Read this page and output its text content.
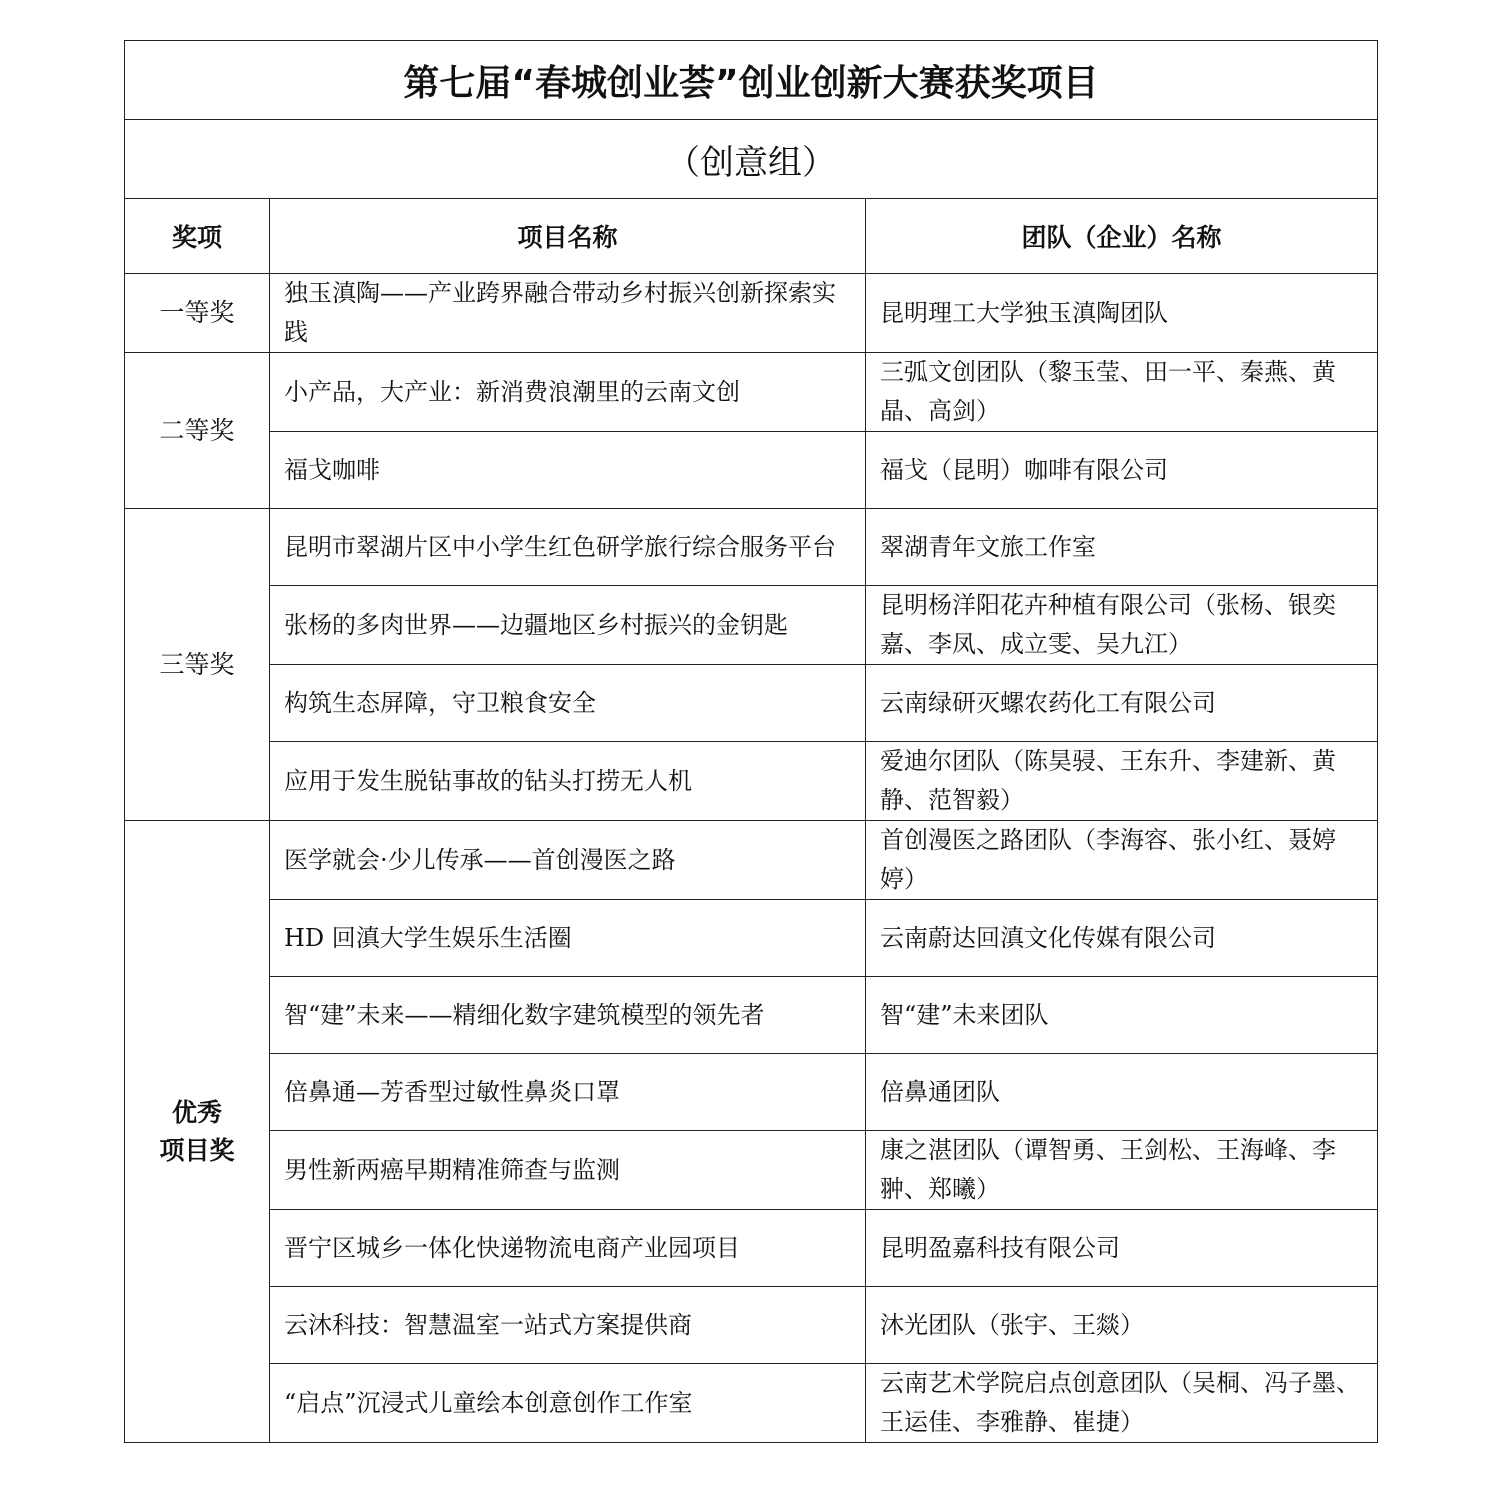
第七届“春城创业荟”创业创新大赛获奖项目		
（创意组）		
奖项	项目名称	团队（企业）名称
一等奖	独玉滇陶——产业跨界融合带动乡村振兴创新探索实践	昆明理工大学独玉滇陶团队
二等奖	小产品，大产业：新消费浪潮里的云南文创	三弧文创团队（黎玉莹、田一平、秦燕、黄晶、高剑）
	福戈咖啡	福戈（昆明）咖啡有限公司
三等奖	昆明市翠湖片区中小学生红色研学旅行综合服务平台	翠湖青年文旅工作室
	张杨的多肉世界——边疆地区乡村振兴的金钥匙	昆明杨洋阳花卉种植有限公司（张杨、银奕嘉、李凤、成立雯、吴九江）
	构筑生态屏障，守卫粮食安全	云南绿研灭螺农药化工有限公司
	应用于发生脱钻事故的钻头打捞无人机	爱迪尔团队（陈昊骎、王东升、李建新、黄静、范智毅）

优秀
项目奖	医学就会·少儿传承——首创漫医之路	首创漫医之路团队（李海容、张小红、聂婷婷）
	HD 回滇大学生娱乐生活圈	云南蔚达回滇文化传媒有限公司
	智“建”未来——精细化数字建筑模型的领先者	智“建”未来团队
	倍鼻通—芳香型过敏性鼻炎口罩	倍鼻通团队
	男性新两癌早期精准筛查与监测	康之湛团队（谭智勇、王剑松、王海峰、李翀、郑曦）
	晋宁区城乡一体化快递物流电商产业园项目	昆明盈嘉科技有限公司
	云沐科技：智慧温室一站式方案提供商	沐光团队（张宇、王燚）
	“启点”沉浸式儿童绘本创意创作工作室	云南艺术学院启点创意团队（吴桐、冯子墨、王运佳、李雅静、崔捷）
